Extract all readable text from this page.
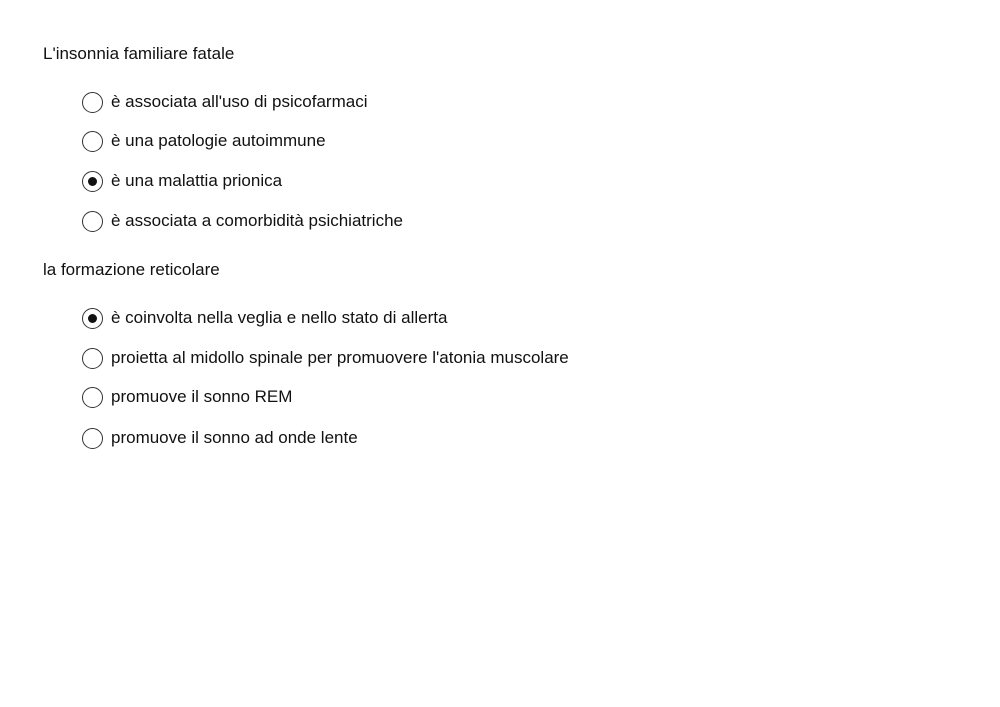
L'insonnia familiare fatale

è associata all'uso di psicofarmaci
è una patologie autoimmune
è una malattia prionica
è associata a comorbidità psichiatriche

la formazione reticolare

è coinvolta nella veglia e nello stato di allerta
proietta al midollo spinale per promuovere l'atonia muscolare
promuove il sonno REM
promuove il sonno ad onde lente
